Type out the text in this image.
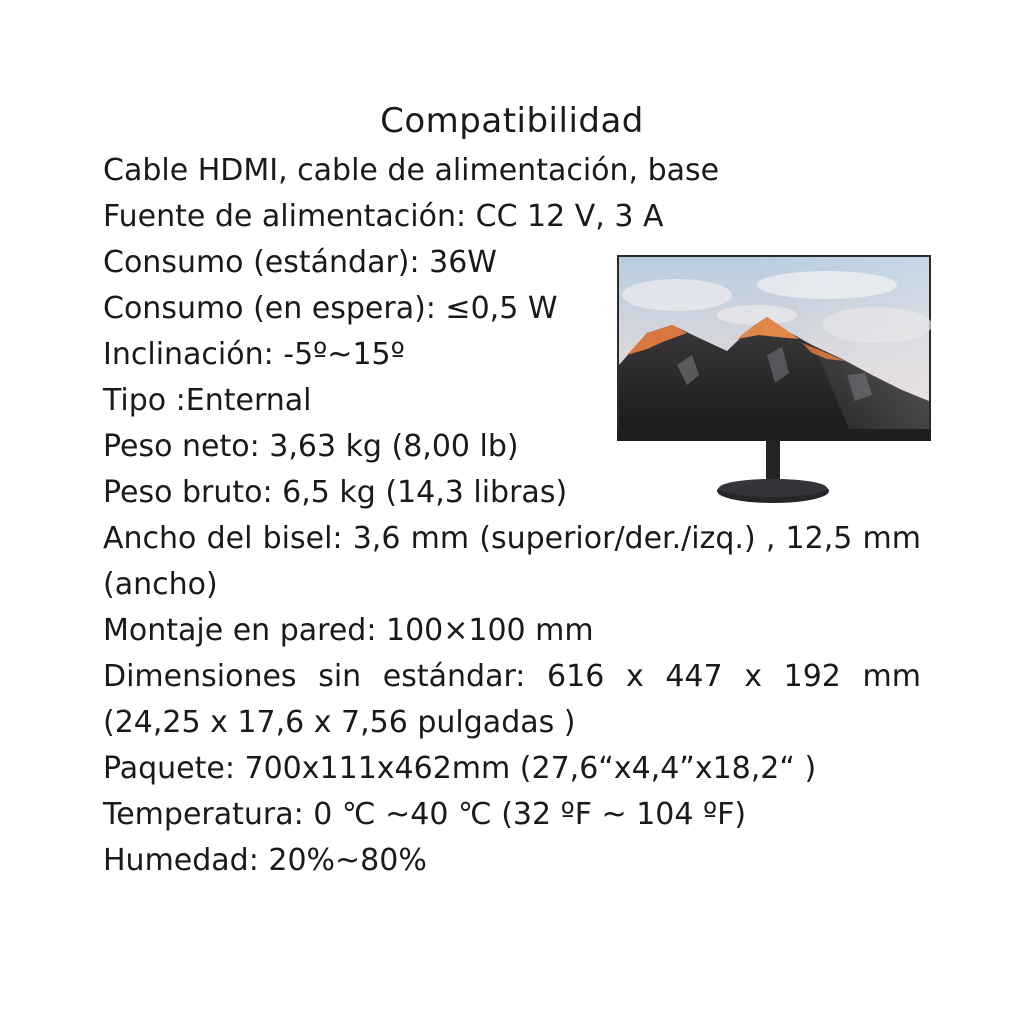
Compatibilidad
Cable HDMI, cable de alimentación, base
Fuente de alimentación: CC 12 V, 3 A
Consumo (estándar): 36W
Consumo (en espera): ≤0,5 W
Inclinación: -5º~15º
Tipo :Enternal
Peso neto: 3,63 kg (8,00 lb)
Peso bruto: 6,5 kg (14,3 libras)
Ancho del bisel: 3,6 mm (superior/der./izq.) , 12,5 mm (ancho)
Montaje en pared: 100×100 mm
Dimensiones sin estándar: 616 x 447 x 192 mm (24,25 x 17,6 x 7,56 pulgadas )
Paquete: 700x111x462mm (27,6“x4,4”x18,2“ )
Temperatura: 0 ℃ ~40 ℃ (32 ºF ~ 104 ºF)
Humedad: 20%~80%
